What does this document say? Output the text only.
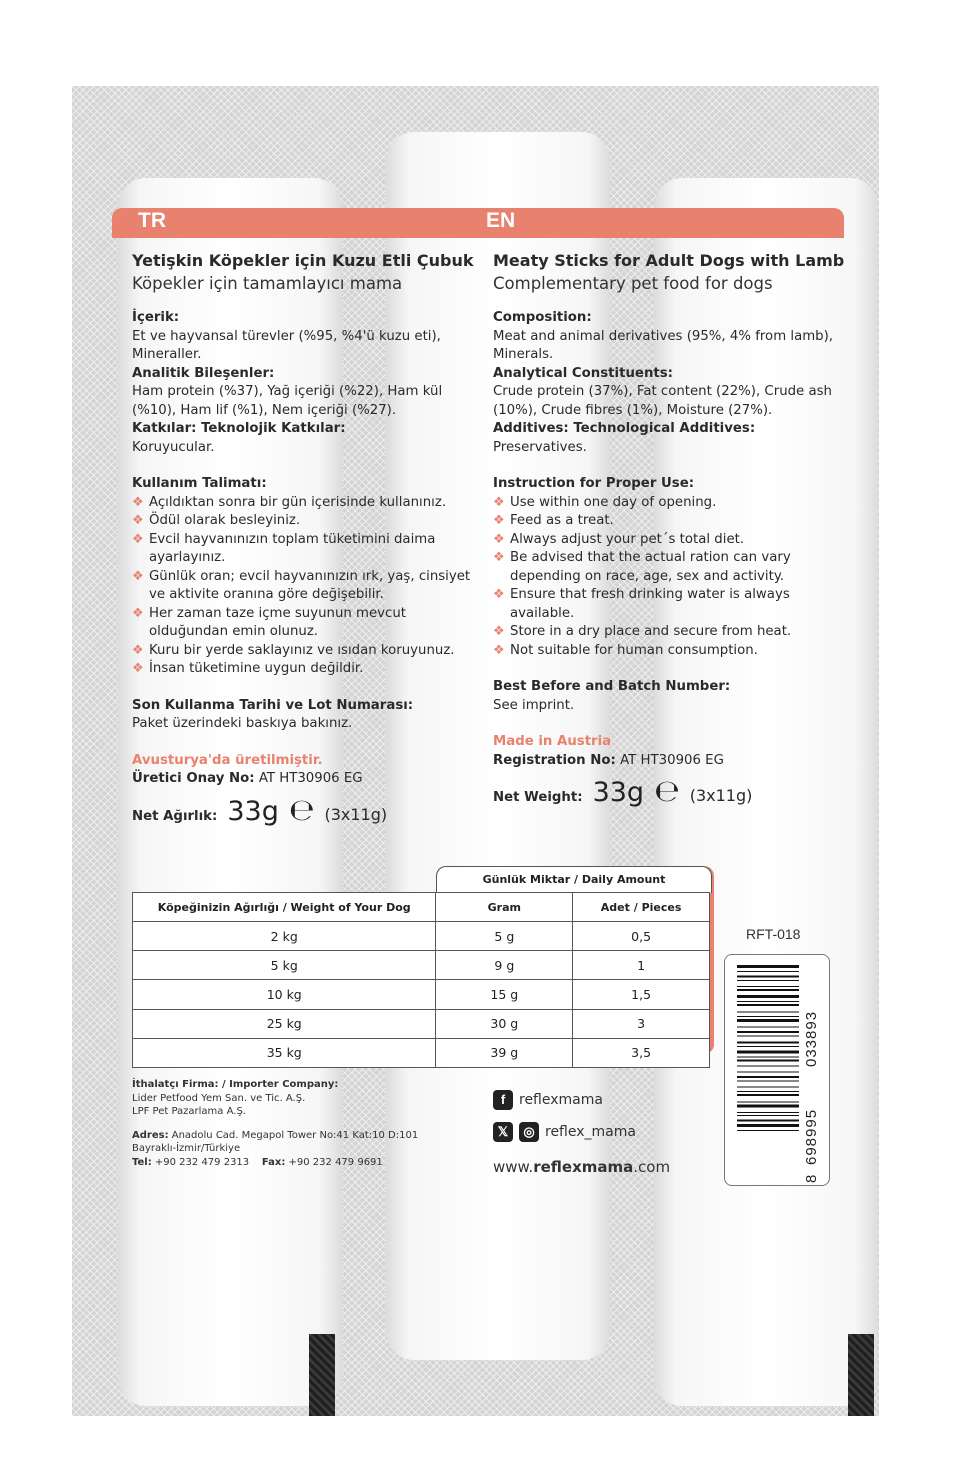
TR	EN
Yetişkin Köpekler için Kuzu Etli Çubuk
Köpekler için tamamlayıcı mama
İçerik:
Et ve hayvansal türevler (%95, %4'ü kuzu eti), Mineraller.
Analitik Bileşenler:
Ham protein (%37), Yağ içeriği (%22), Ham kül (%10), Ham lif (%1), Nem içeriği (%27).
Katkılar: Teknolojik Katkılar:
Koruyucular.
Kullanım Talimatı:
❖ Açıldıktan sonra bir gün içerisinde kullanınız.
❖ Ödül olarak besleyiniz.
❖ Evcil hayvanınızın toplam tüketimini daima ayarlayınız.
❖ Günlük oran; evcil hayvanınızın ırk, yaş, cinsiyet ve aktivite oranına göre değişebilir.
❖ Her zaman taze içme suyunun mevcut olduğundan emin olunuz.
❖ Kuru bir yerde saklayınız ve ısıdan koruyunuz.
❖ İnsan tüketimine uygun değildir.
Son Kullanma Tarihi ve Lot Numarası:
Paket üzerindeki baskıya bakınız.
Avusturya'da üretilmiştir.
Üretici Onay No: AT HT30906 EG
Net Ağırlık: 33g ℮ (3x11g)
Meaty Sticks for Adult Dogs with Lamb
Complementary pet food for dogs
Composition:
Meat and animal derivatives (95%, 4% from lamb), Minerals.
Analytical Constituents:
Crude protein (37%), Fat content (22%), Crude ash (10%), Crude fibres (1%), Moisture (27%).
Additives: Technological Additives:
Preservatives.
Instruction for Proper Use:
❖ Use within one day of opening.
❖ Feed as a treat.
❖ Always adjust your pet´s total diet.
❖ Be advised that the actual ration can vary depending on race, age, sex and activity.
❖ Ensure that fresh drinking water is always available.
❖ Store in a dry place and secure from heat.
❖ Not suitable for human consumption.
Best Before and Batch Number:
See imprint.
Made in Austria
Registration No: AT HT30906 EG
Net Weight: 33g ℮ (3x11g)
Günlük Miktar / Daily Amount
Köpeğinizin Ağırlığı / Weight of Your Dog	Gram	Adet / Pieces
2 kg	5 g	0,5
5 kg	9 g	1
10 kg	15 g	1,5
25 kg	30 g	3
35 kg	39 g	3,5
RFT-018
8
698995
033893
İthalatçı Firma: / Importer Company:
Lider Petfood Yem San. ve Tic. A.Ş.
LPF Pet Pazarlama A.Ş.
Adres: Anadolu Cad. Megapol Tower No:41 Kat:10 D:101
Bayraklı-İzmir/Türkiye
Tel: +90 232 479 2313 Fax: +90 232 479 9691
f reflexmama
𝕏	◎ reflex_mama
www.reflexmama.com
